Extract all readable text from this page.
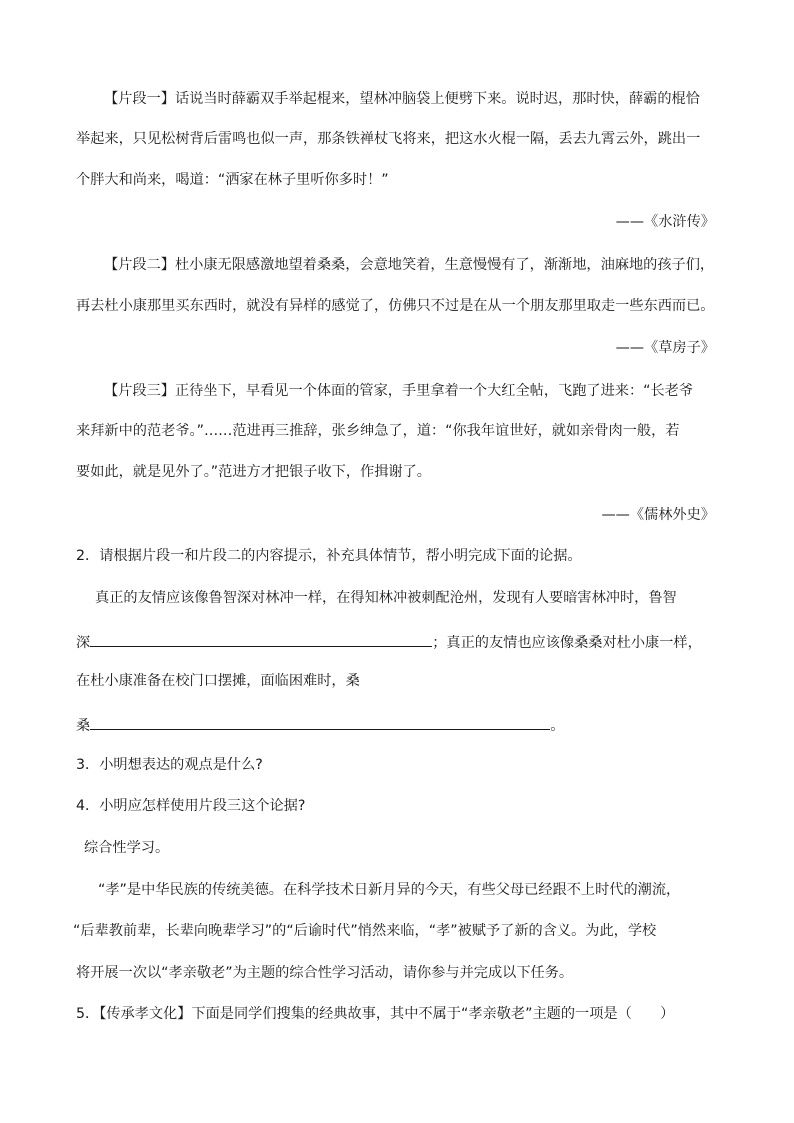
【片段一】话说当时薛霸双手举起棍来，望林冲脑袋上便劈下来。说时迟，那时快，薛霸的棍恰
举起来，只见松树背后雷鸣也似一声，那条铁禅杖飞将来，把这水火棍一隔，丢去九霄云外，跳出一
个胖大和尚来，喝道：“洒家在林子里听你多时！”
——《水浒传》
【片段二】杜小康无限感激地望着桑桑，会意地笑着，生意慢慢有了，渐渐地，油麻地的孩子们，
再去杜小康那里买东西时，就没有异样的感觉了，仿佛只不过是在从一个朋友那里取走一些东西而已。
——《草房子》
【片段三】正待坐下，早看见一个体面的管家，手里拿着一个大红全帖，飞跑了进来：“长老爷
来拜新中的范老爷。”……范进再三推辞，张乡绅急了，道：“你我年谊世好，就如亲骨肉一般，若
要如此，就是见外了。”范进方才把银子收下，作揖谢了。
——《儒林外史》
2．请根据片段一和片段二的内容提示，补充具体情节，帮小明完成下面的论据。
真正的友情应该像鲁智深对林冲一样，在得知林冲被刺配沧州，发现有人要暗害林冲时，鲁智
深	；真正的友情也应该像桑桑对杜小康一样，
在杜小康准备在校门口摆摊，面临困难时，桑
桑	。
3．小明想表达的观点是什么?
4．小明应怎样使用片段三这个论据?
综合性学习。
“孝”是中华民族的传统美德。在科学技术日新月异的今天，有些父母已经跟不上时代的潮流，
“后辈教前辈，长辈向晚辈学习”的“后谕时代”悄然来临，“孝”被赋予了新的含义。为此，学校
将开展一次以“孝亲敬老”为主题的综合性学习活动，请你参与并完成以下任务。
5．【传承孝文化】下面是同学们搜集的经典故事，其中不属于“孝亲敬老”主题的一项是（　　）
